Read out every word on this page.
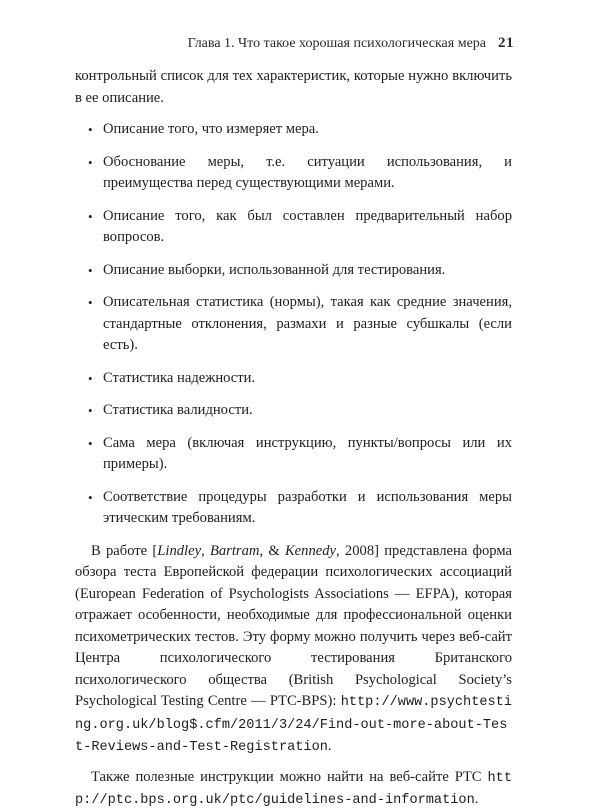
Глава 1. Что такое хорошая психологическая мера 21

контрольный список для тех характеристик, которые нужно включить в ее описание.

• Описание того, что измеряет мера.
• Обоснование меры, т.е. ситуации использования, и преимущества перед существующими мерами.
• Описание того, как был составлен предварительный набор вопросов.
• Описание выборки, использованной для тестирования.
• Описательная статистика (нормы), такая как средние значения, стандартные отклонения, размахи и разные субшкалы (если есть).
• Статистика надежности.
• Статистика валидности.
• Сама мера (включая инструкцию, пункты/вопросы или их примеры).
• Соответствие процедуры разработки и использования меры этическим требованиям.

В работе [Lindley, Bartram, & Kennedy, 2008] представлена форма обзора теста Европейской федерации психологических ассоциаций (European Federation of Psychologists Associations — EFPA), которая отражает особенности, необходимые для профессиональной оценки психометрических тестов. Эту форму можно получить через веб-сайт Центра психологического тестирования Британского психологического общества (British Psychological Society’s Psychological Testing Centre — PTC-BPS): http://www.psychtesting.org.uk/blog$.cfm/2011/3/24/Find-out-more-about-Test-Reviews-and-Test-Registration.

Также полезные инструкции можно найти на веб-сайте PTC http://ptc.bps.org.uk/ptc/guidelines-and-information.
